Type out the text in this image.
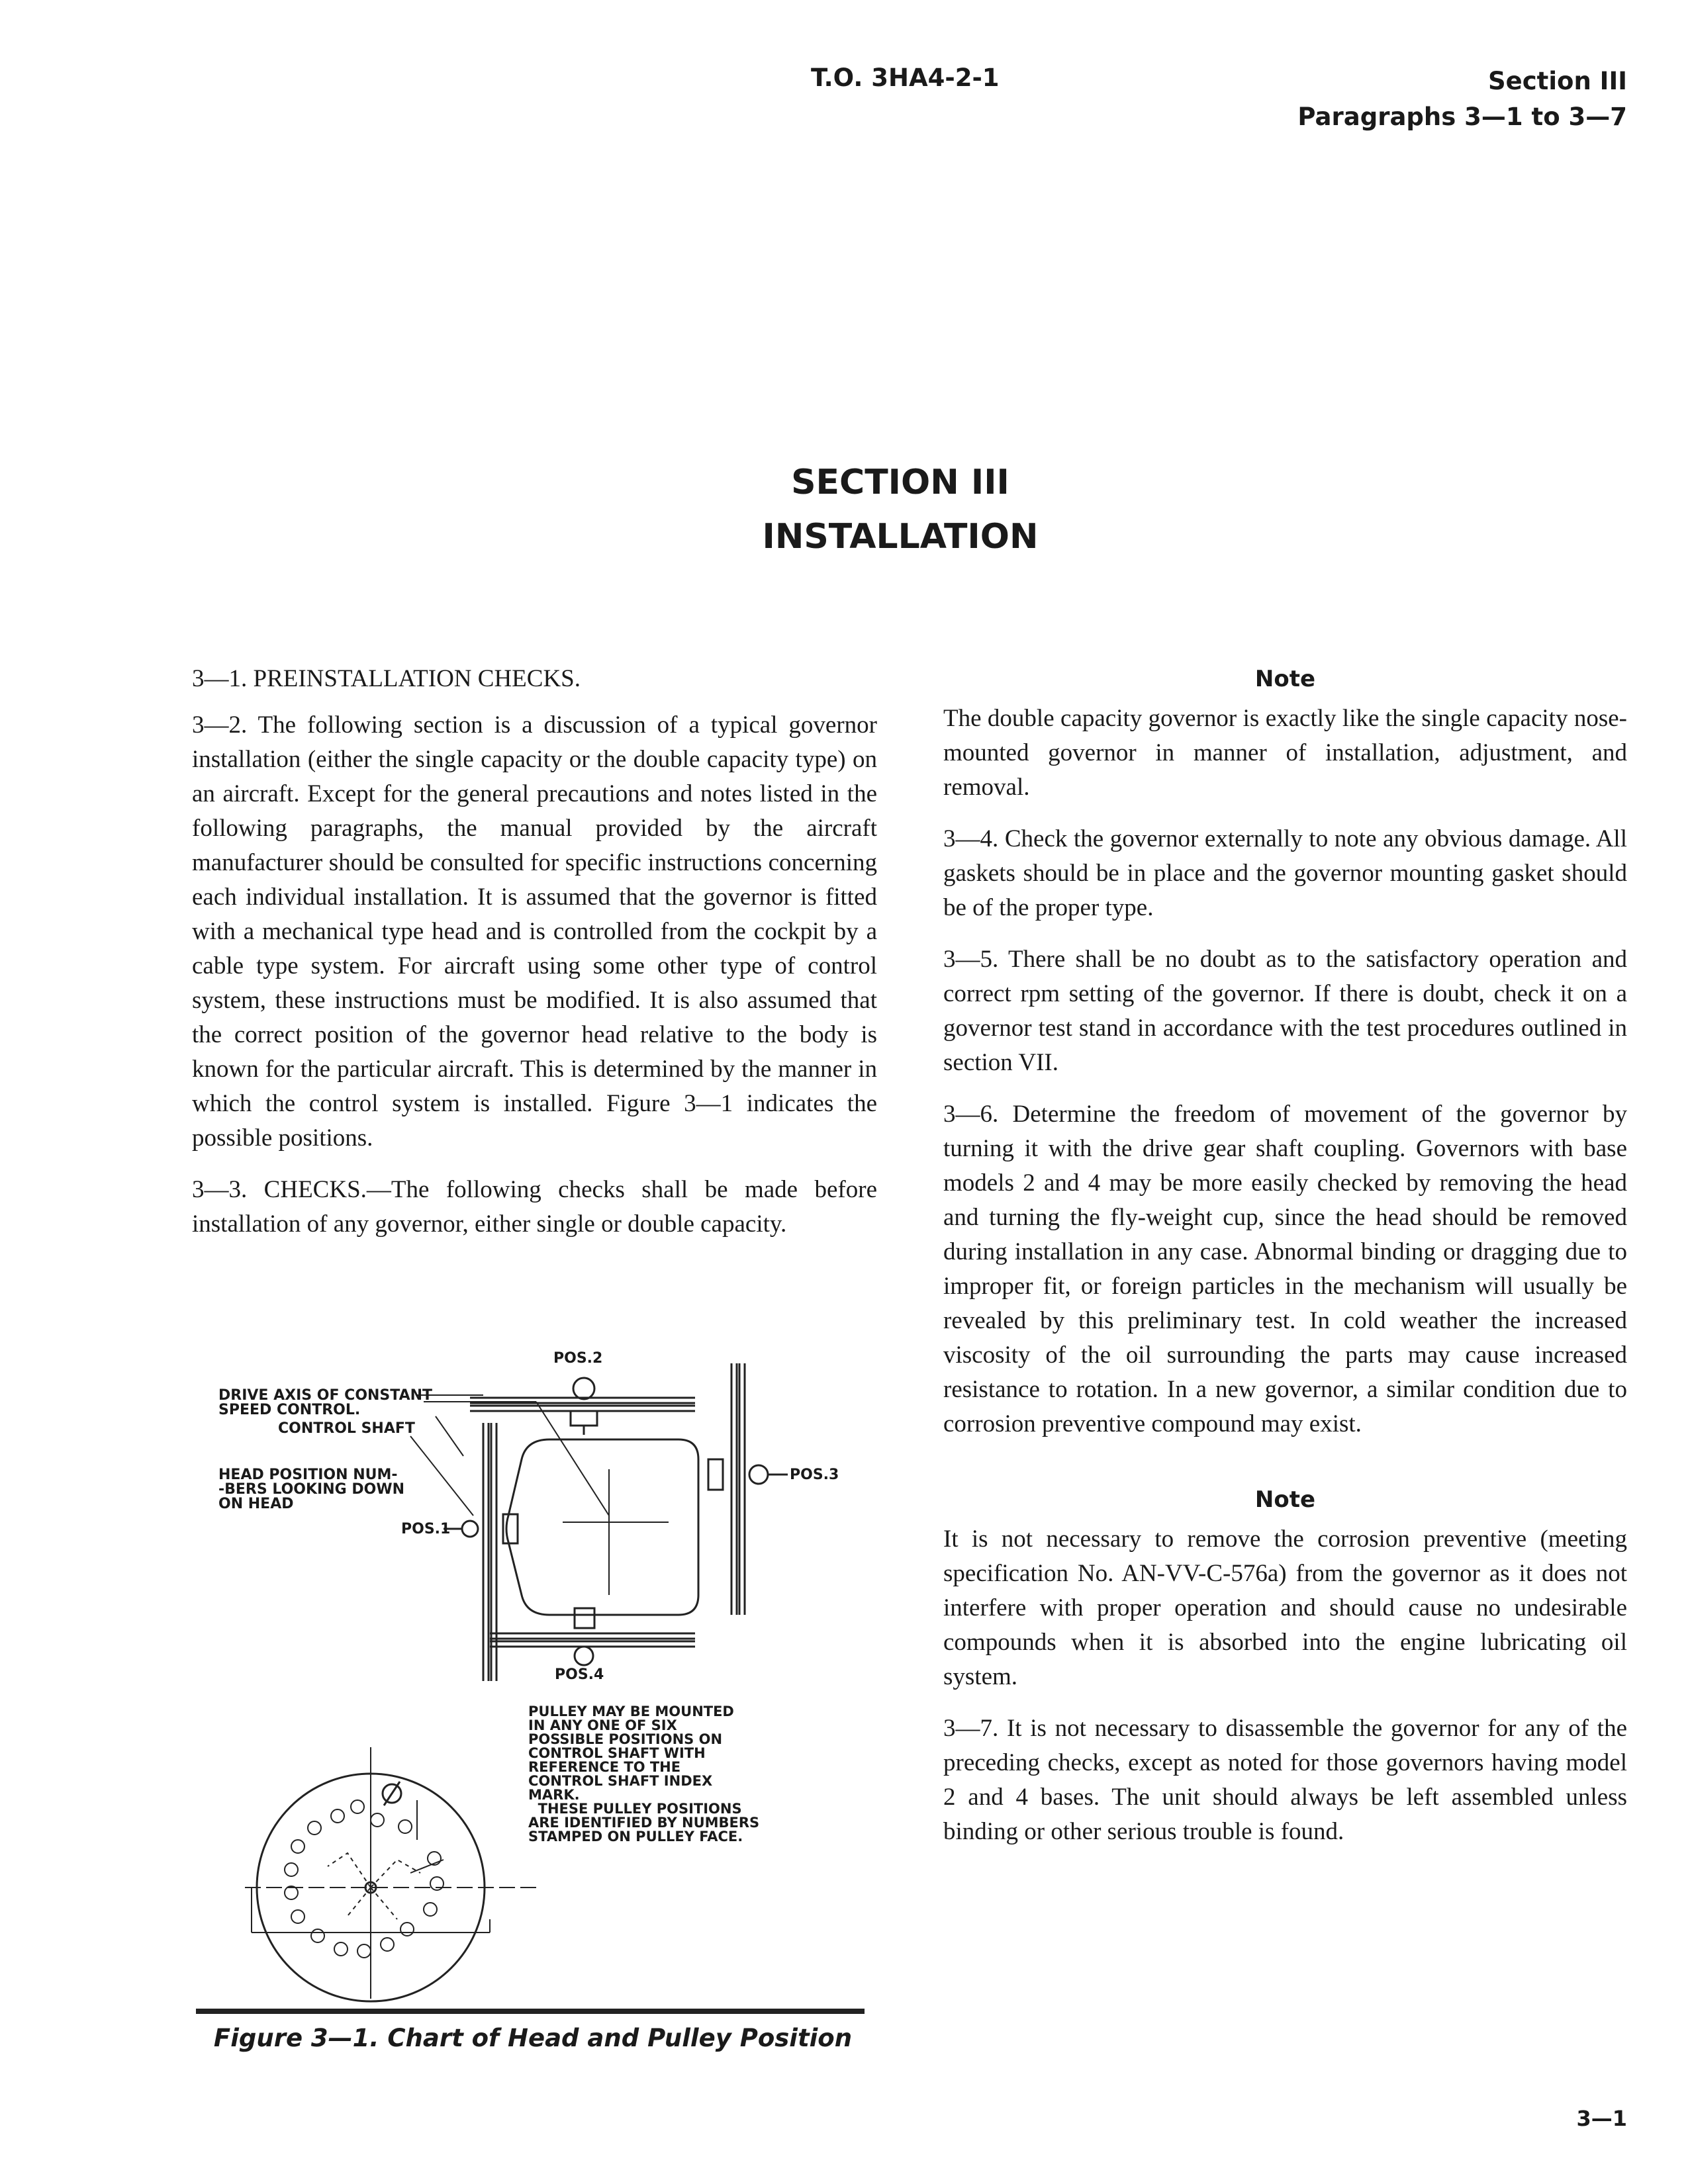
T.O. 3HA4-2-1	Section III
Paragraphs 3—1 to 3—7
SECTION III
INSTALLATION

3—1. PREINSTALLATION CHECKS.

3—2. The following section is a discussion of a typical governor installation (either the single capacity or the double capacity type) on an aircraft. Except for the general precautions and notes listed in the following paragraphs, the manual provided by the aircraft manufacturer should be consulted for specific instructions concerning each individual installation. It is assumed that the governor is fitted with a mechanical type head and is controlled from the cockpit by a cable type system. For aircraft using some other type of control system, these instructions must be modified. It is also assumed that the correct position of the governor head relative to the body is known for the particular aircraft. This is determined by the manner in which the control system is installed. Figure 3—1 indicates the possible positions.

3—3. CHECKS.—The following checks shall be made before installation of any governor, either single or double capacity.

POS.2
POS.3
POS.4
POS.1
DRIVE AXIS OF CONSTANT
SPEED CONTROL.
CONTROL SHAFT
HEAD POSITION NUM-
-BERS LOOKING DOWN
ON HEAD
PULLEY MAY BE MOUNTED
IN ANY ONE OF SIX
POSSIBLE POSITIONS ON
CONTROL SHAFT WITH
REFERENCE TO THE
CONTROL SHAFT INDEX
MARK.
THESE PULLEY POSITIONS
ARE IDENTIFIED BY NUMBERS
STAMPED ON PULLEY FACE.
Figure 3—1. Chart of Head and Pulley Position
Note

The double capacity governor is exactly like the single capacity nose-mounted governor in manner of installation, adjustment, and removal.

3—4. Check the governor externally to note any obvious damage. All gaskets should be in place and the governor mounting gasket should be of the proper type.

3—5. There shall be no doubt as to the satisfactory operation and correct rpm setting of the governor. If there is doubt, check it on a governor test stand in accordance with the test procedures outlined in section VII.

3—6. Determine the freedom of movement of the governor by turning it with the drive gear shaft coupling. Governors with base models 2 and 4 may be more easily checked by removing the head and turning the fly-weight cup, since the head should be removed during installation in any case. Abnormal binding or dragging due to improper fit, or foreign particles in the mechanism will usually be revealed by this preliminary test. In cold weather the increased viscosity of the oil surrounding the parts may cause increased resistance to rotation. In a new governor, a similar condition due to corrosion preventive compound may exist.

Note

It is not necessary to remove the corrosion preventive (meeting specification No. AN-VV-C-576a) from the governor as it does not interfere with proper operation and should cause no undesirable compounds when it is absorbed into the engine lubricating oil system.

3—7. It is not necessary to disassemble the governor for any of the preceding checks, except as noted for those governors having model 2 and 4 bases. The unit should always be left assembled unless binding or other serious trouble is found.

3—1
